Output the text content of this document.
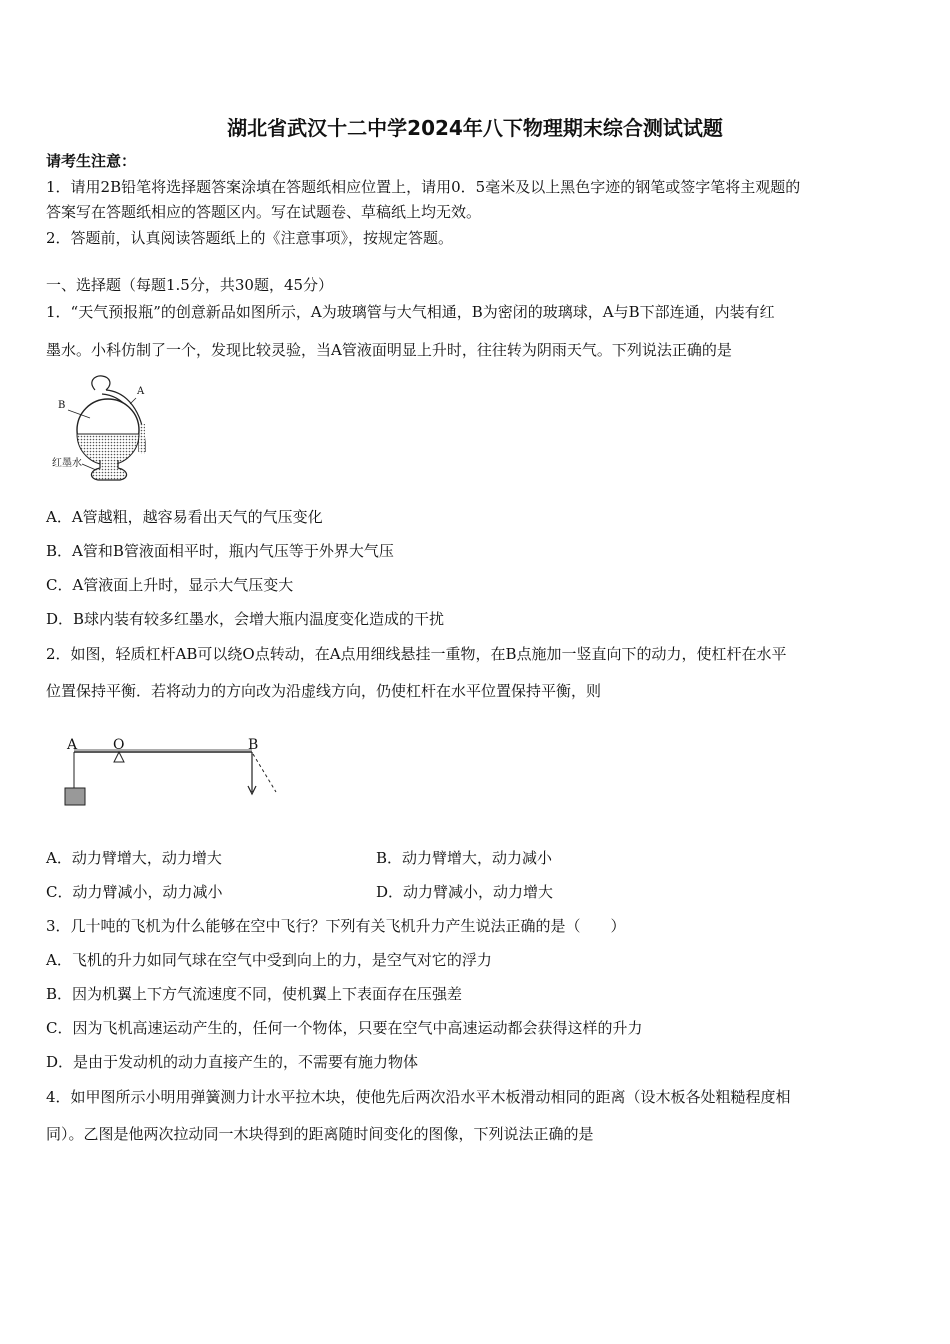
湖北省武汉十二中学2024年八下物理期末综合测试试题
请考生注意：
1．请用2B铅笔将选择题答案涂填在答题纸相应位置上，请用0．5毫米及以上黑色字迹的钢笔或签字笔将主观题的
答案写在答题纸相应的答题区内。写在试题卷、草稿纸上均无效。
2．答题前，认真阅读答题纸上的《注意事项》，按规定答题。
一、选择题（每题1.5分，共30题，45分）
1．“天气预报瓶”的创意新品如图所示，A为玻璃管与大气相通，B为密闭的玻璃球，A与B下部连通，内装有红
墨水。小科仿制了一个，发现比较灵验，当A管液面明显上升时，往往转为阴雨天气。下列说法正确的是
B
A
红墨水
A．A管越粗，越容易看出天气的气压变化
B．A管和B管液面相平时，瓶内气压等于外界大气压
C．A管液面上升时，显示大气压变大
D．B球内装有较多红墨水，会增大瓶内温度变化造成的干扰
2．如图，轻质杠杆AB可以绕O点转动，在A点用细线悬挂一重物，在B点施加一竖直向下的动力，使杠杆在水平
位置保持平衡．若将动力的方向改为沿虚线方向，仍使杠杆在水平位置保持平衡，则
A	O	B
A．动力臂增大，动力增大	B．动力臂增大，动力减小
C．动力臂减小，动力减小	D．动力臂减小，动力增大
3．几十吨的飞机为什么能够在空中飞行？下列有关飞机升力产生说法正确的是（　　）
A．飞机的升力如同气球在空气中受到向上的力，是空气对它的浮力
B．因为机翼上下方气流速度不同，使机翼上下表面存在压强差
C．因为飞机高速运动产生的，任何一个物体，只要在空气中高速运动都会获得这样的升力
D．是由于发动机的动力直接产生的，不需要有施力物体
4．如甲图所示小明用弹簧测力计水平拉木块，使他先后两次沿水平木板滑动相同的距离（设木板各处粗糙程度相
同）。乙图是他两次拉动同一木块得到的距离随时间变化的图像，下列说法正确的是
